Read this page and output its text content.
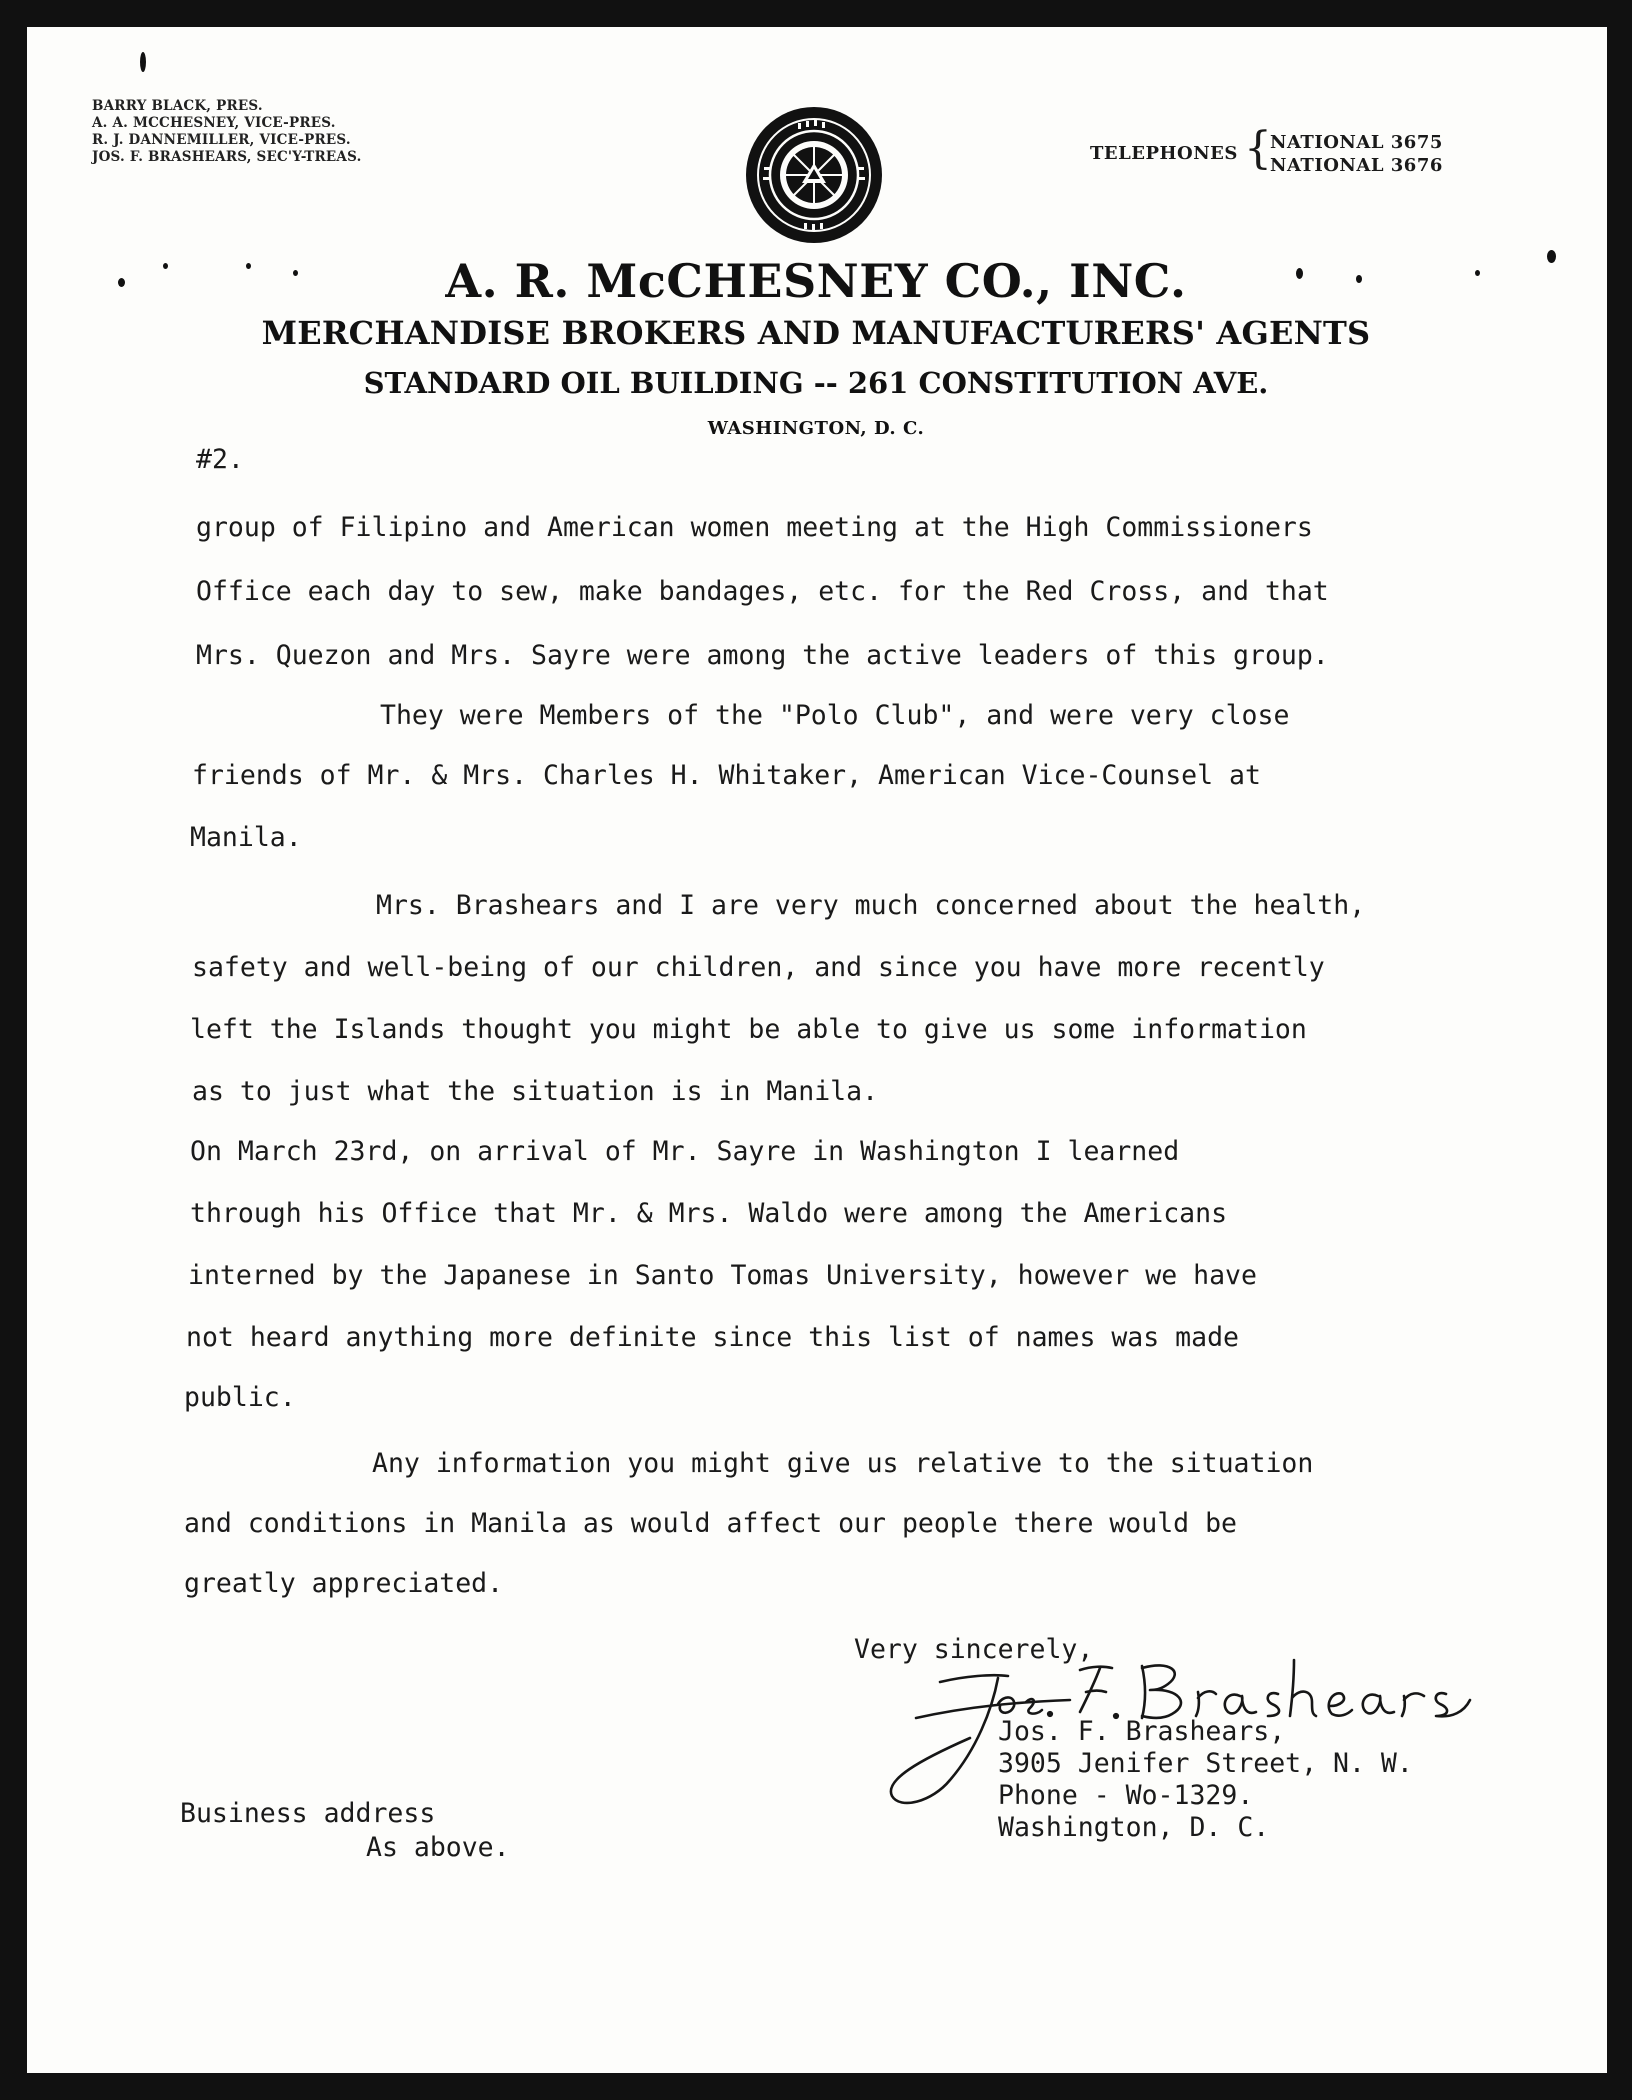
BARRY BLACK, PRES.
A. A. MCCHESNEY, VICE-PRES.
R. J. DANNEMILLER, VICE-PRES.
JOS. F. BRASHEARS, SEC'Y-TREAS.	TELEPHONES {
NATIONAL 3675
NATIONAL 3676
A. R. McCHESNEY CO., INC.
MERCHANDISE BROKERS AND MANUFACTURERS' AGENTS
STANDARD OIL BUILDING -- 261 CONSTITUTION AVE.
WASHINGTON, D. C.
#2.
group of Filipino and American women meeting at the High Commissioners
Office each day to sew, make bandages, etc. for the Red Cross, and that
Mrs. Quezon and Mrs. Sayre were among the active leaders of this group.
They were Members of the "Polo Club", and were very close
friends of Mr. & Mrs. Charles H. Whitaker, American Vice-Counsel at
Manila.
Mrs. Brashears and I are very much concerned about the health,
safety and well-being of our children, and since you have more recently
left the Islands thought you might be able to give us some information
as to just what the situation is in Manila.
On March 23rd, on arrival of Mr. Sayre in Washington I learned
through his Office that Mr. & Mrs. Waldo were among the Americans
interned by the Japanese in Santo Tomas University, however we have
not heard anything more definite since this list of names was made
public.
Any information you might give us relative to the situation
and conditions in Manila as would affect our people there would be
greatly appreciated.
Very sincerely,
Jos. F. Brashears,
3905 Jenifer Street, N. W.
Phone - Wo-1329.
Washington, D. C.
Business address
As above.
